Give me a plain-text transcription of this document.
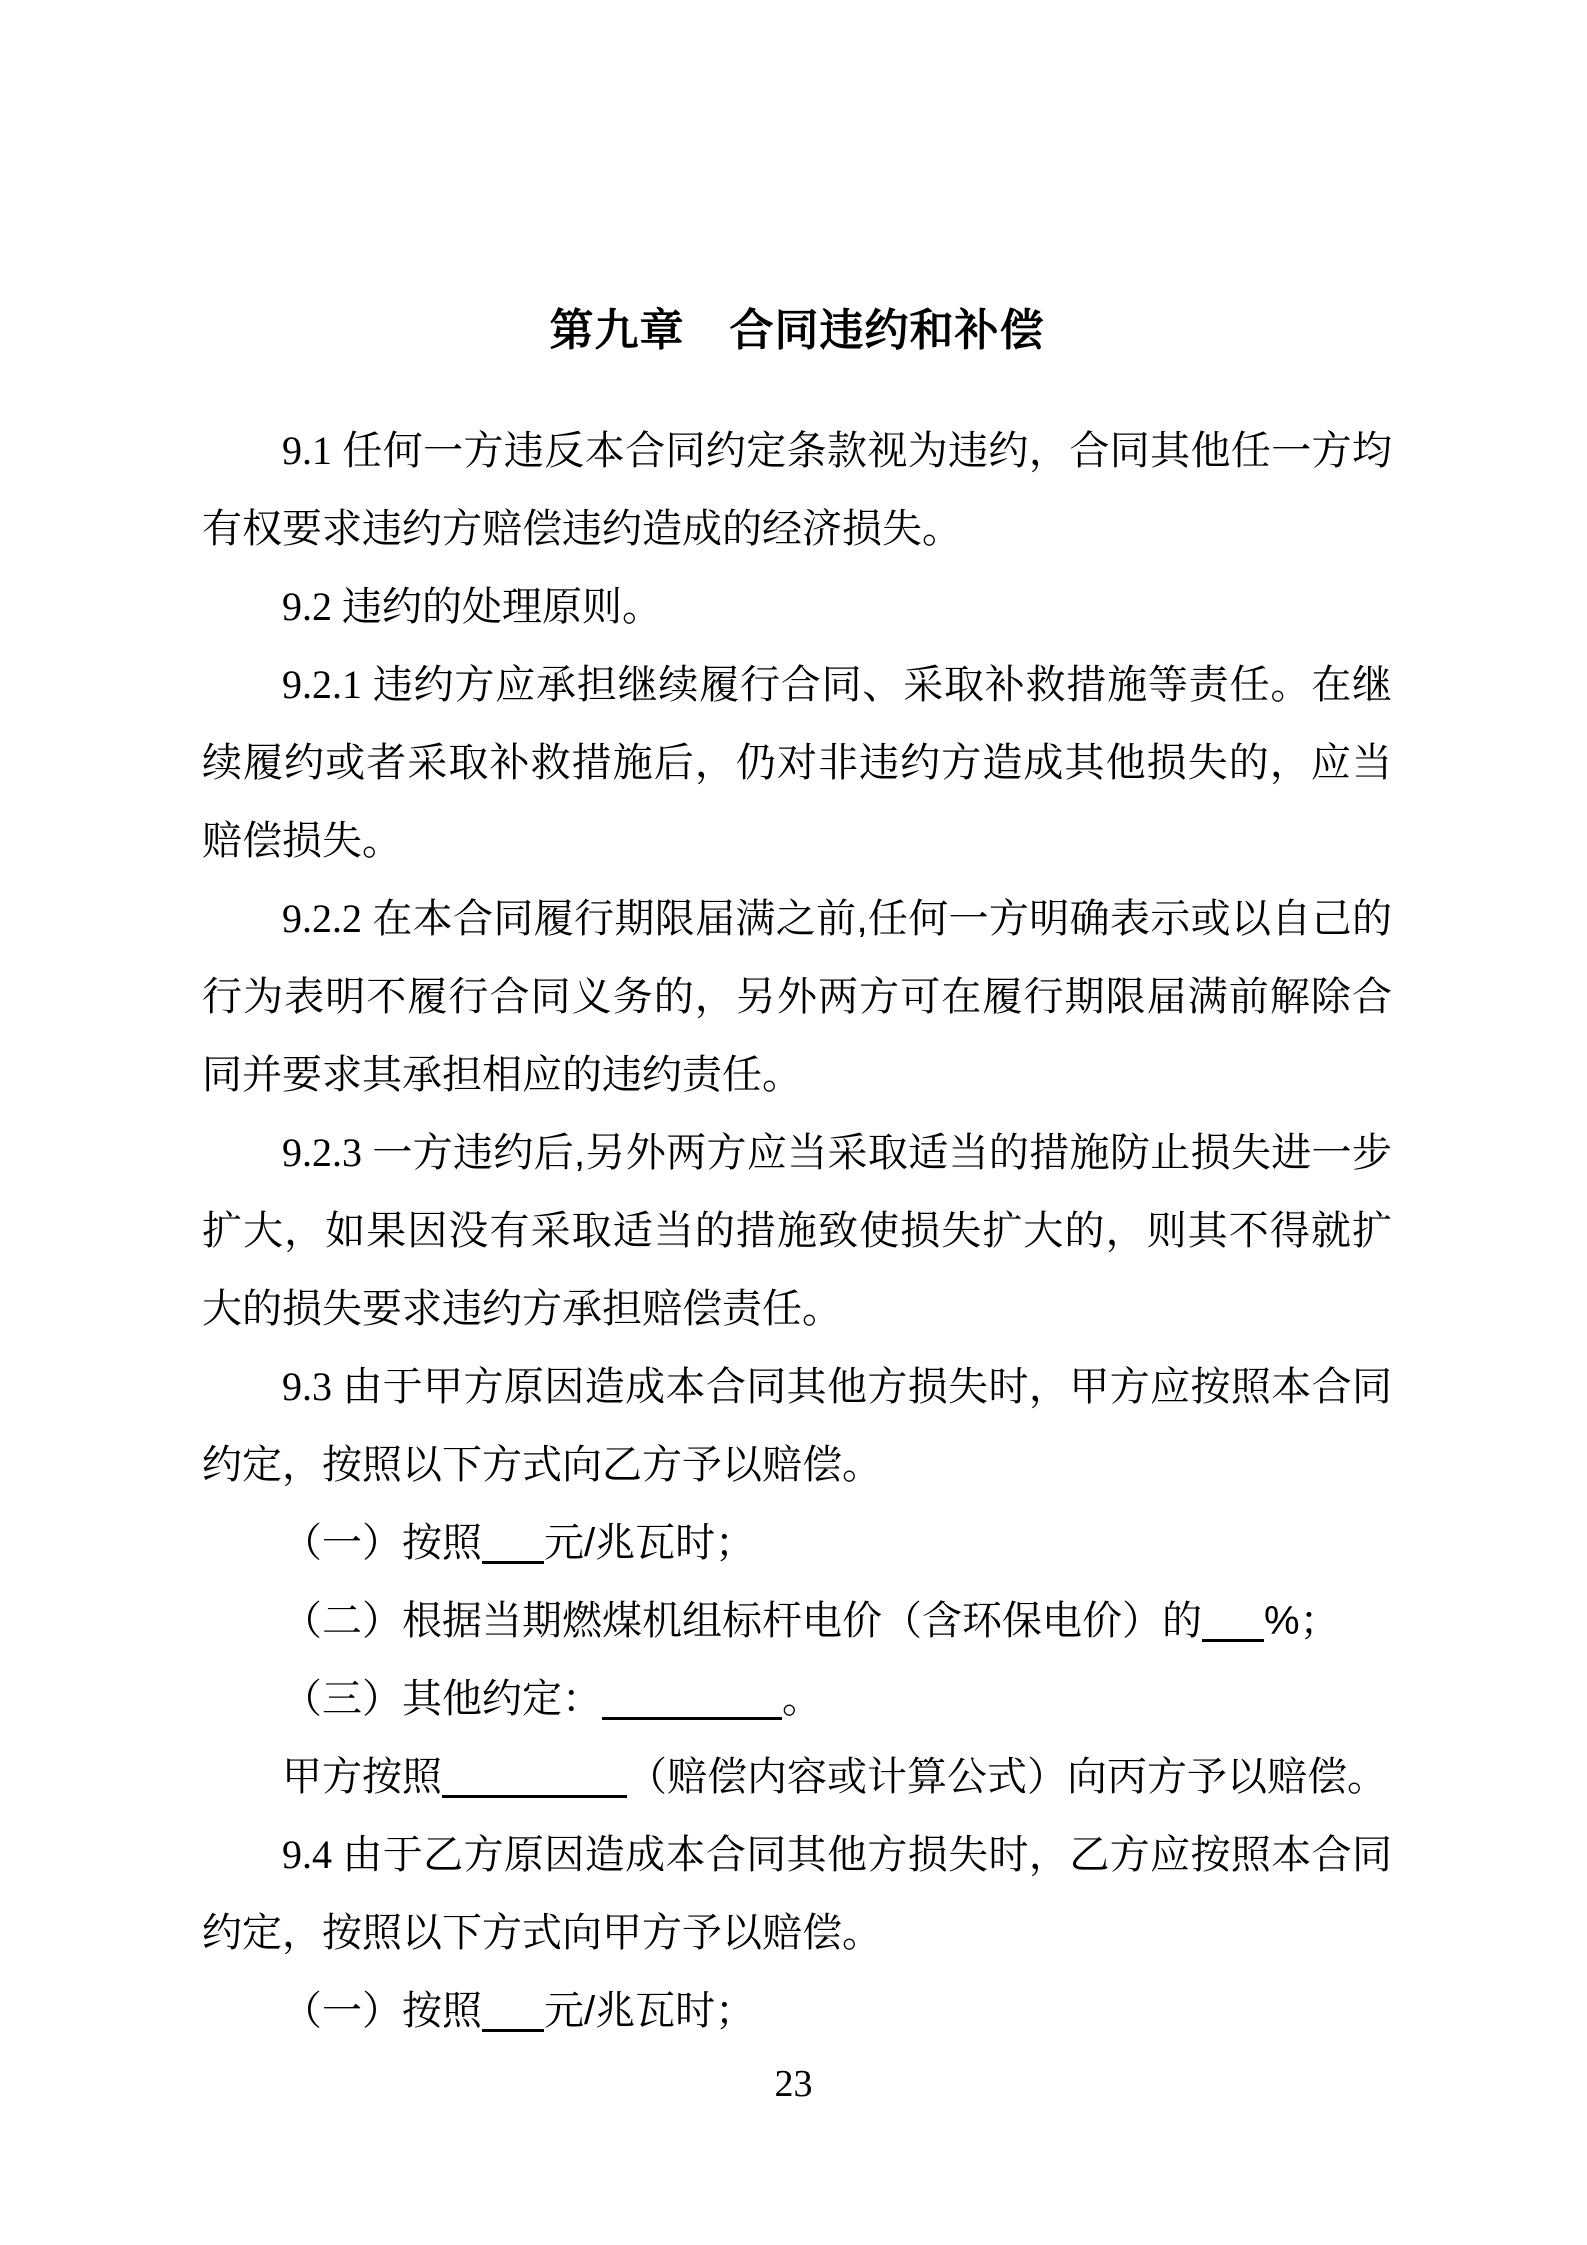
第九章　合同违约和补偿

9.1 任何一方违反本合同约定条款视为违约，合同其他任一方均有权要求违约方赔偿违约造成的经济损失。

9.2 违约的处理原则。

9.2.1 违约方应承担继续履行合同、采取补救措施等责任。在继续履约或者采取补救措施后，仍对非违约方造成其他损失的，应当赔偿损失。

9.2.2 在本合同履行期限届满之前,任何一方明确表示或以自己的行为表明不履行合同义务的，另外两方可在履行期限届满前解除合同并要求其承担相应的违约责任。

9.2.3 一方违约后,另外两方应当采取适当的措施防止损失进一步扩大，如果因没有采取适当的措施致使损失扩大的，则其不得就扩大的损失要求违约方承担赔偿责任。

9.3 由于甲方原因造成本合同其他方损失时，甲方应按照本合同约定，按照以下方式向乙方予以赔偿。

（一）按照 元/兆瓦时；

（二）根据当期燃煤机组标杆电价（含环保电价）的 %；

（三）其他约定：	。

甲方按照	（赔偿内容或计算公式）向丙方予以赔偿。

9.4 由于乙方原因造成本合同其他方损失时，乙方应按照本合同约定，按照以下方式向甲方予以赔偿。

（一）按照 元/兆瓦时；

23
